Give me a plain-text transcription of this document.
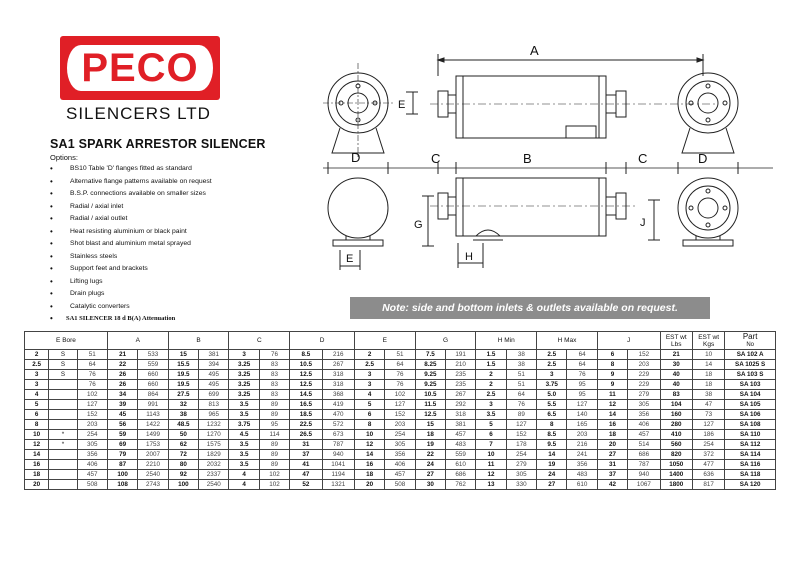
PECO
SILENCERS LTD
SA1 SPARK ARRESTOR SILENCER
Options:
• BS10 Table 'D' flanges fitted as standard
• Alternative flange patterns available on request
• B.S.P. connections available on smaller sizes
• Radial / axial inlet
• Radial / axial outlet
• Heat resisting aluminium or black paint
• Shot blast and aluminium metal sprayed
• Stainless steels
• Support feet and brackets
• Lifting lugs
• Drain plugs
• Catalytic converters
• SA1 SILENCER 18 d B(A) Attenuation
A
E
D	C	B	C	D
E
G
H
J
Note: side and bottom inlets & outlets available on request.
E Bore			A		B		C		D		E		G		H Min		H Max		J		EST wt
Lbs	EST wt
Kgs	Part
No
2	S	51	21	533	15	381	3	76	8.5	216	2	51	7.5	191	1.5	38	2.5	64	6	152	21	10	SA 102 A
2.5	S	64	22	559	15.5	394	3.25	83	10.5	267	2.5	64	8.25	210	1.5	38	2.5	64	8	203	30	14	SA 1025 S
3	S	76	26	660	19.5	495	3.25	83	12.5	318	3	76	9.25	235	2	51	3	76	9	229	40	18	SA 103 S
3		76	26	660	19.5	495	3.25	83	12.5	318	3	76	9.25	235	2	51	3.75	95	9	229	40	18	SA 103
4		102	34	864	27.5	699	3.25	83	14.5	368	4	102	10.5	267	2.5	64	5.0	95	11	279	83	38	SA 104
5		127	39	991	32	813	3.5	89	16.5	419	5	127	11.5	292	3	76	5.5	127	12	305	104	47	SA 105
6		152	45	1143	38	965	3.5	89	18.5	470	6	152	12.5	318	3.5	89	6.5	140	14	356	160	73	SA 106
8		203	56	1422	48.5	1232	3.75	95	22.5	572	8	203	15	381	5	127	8	165	16	406	280	127	SA 108
10	*	254	59	1499	50	1270	4.5	114	26.5	673	10	254	18	457	6	152	8.5	203	18	457	410	186	SA 110
12	*	305	69	1753	62	1575	3.5	89	31	787	12	305	19	483	7	178	9.5	216	20	514	560	254	SA 112
14		356	79	2007	72	1829	3.5	89	37	940	14	356	22	559	10	254	14	241	27	686	820	372	SA 114
16		406	87	2210	80	2032	3.5	89	41	1041	16	406	24	610	11	279	19	356	31	787	1050	477	SA 116
18		457	100	2540	92	2337	4	102	47	1194	18	457	27	686	12	305	24	483	37	940	1400	636	SA 118
20		508	108	2743	100	2540	4	102	52	1321	20	508	30	762	13	330	27	610	42	1067	1800	817	SA 120
